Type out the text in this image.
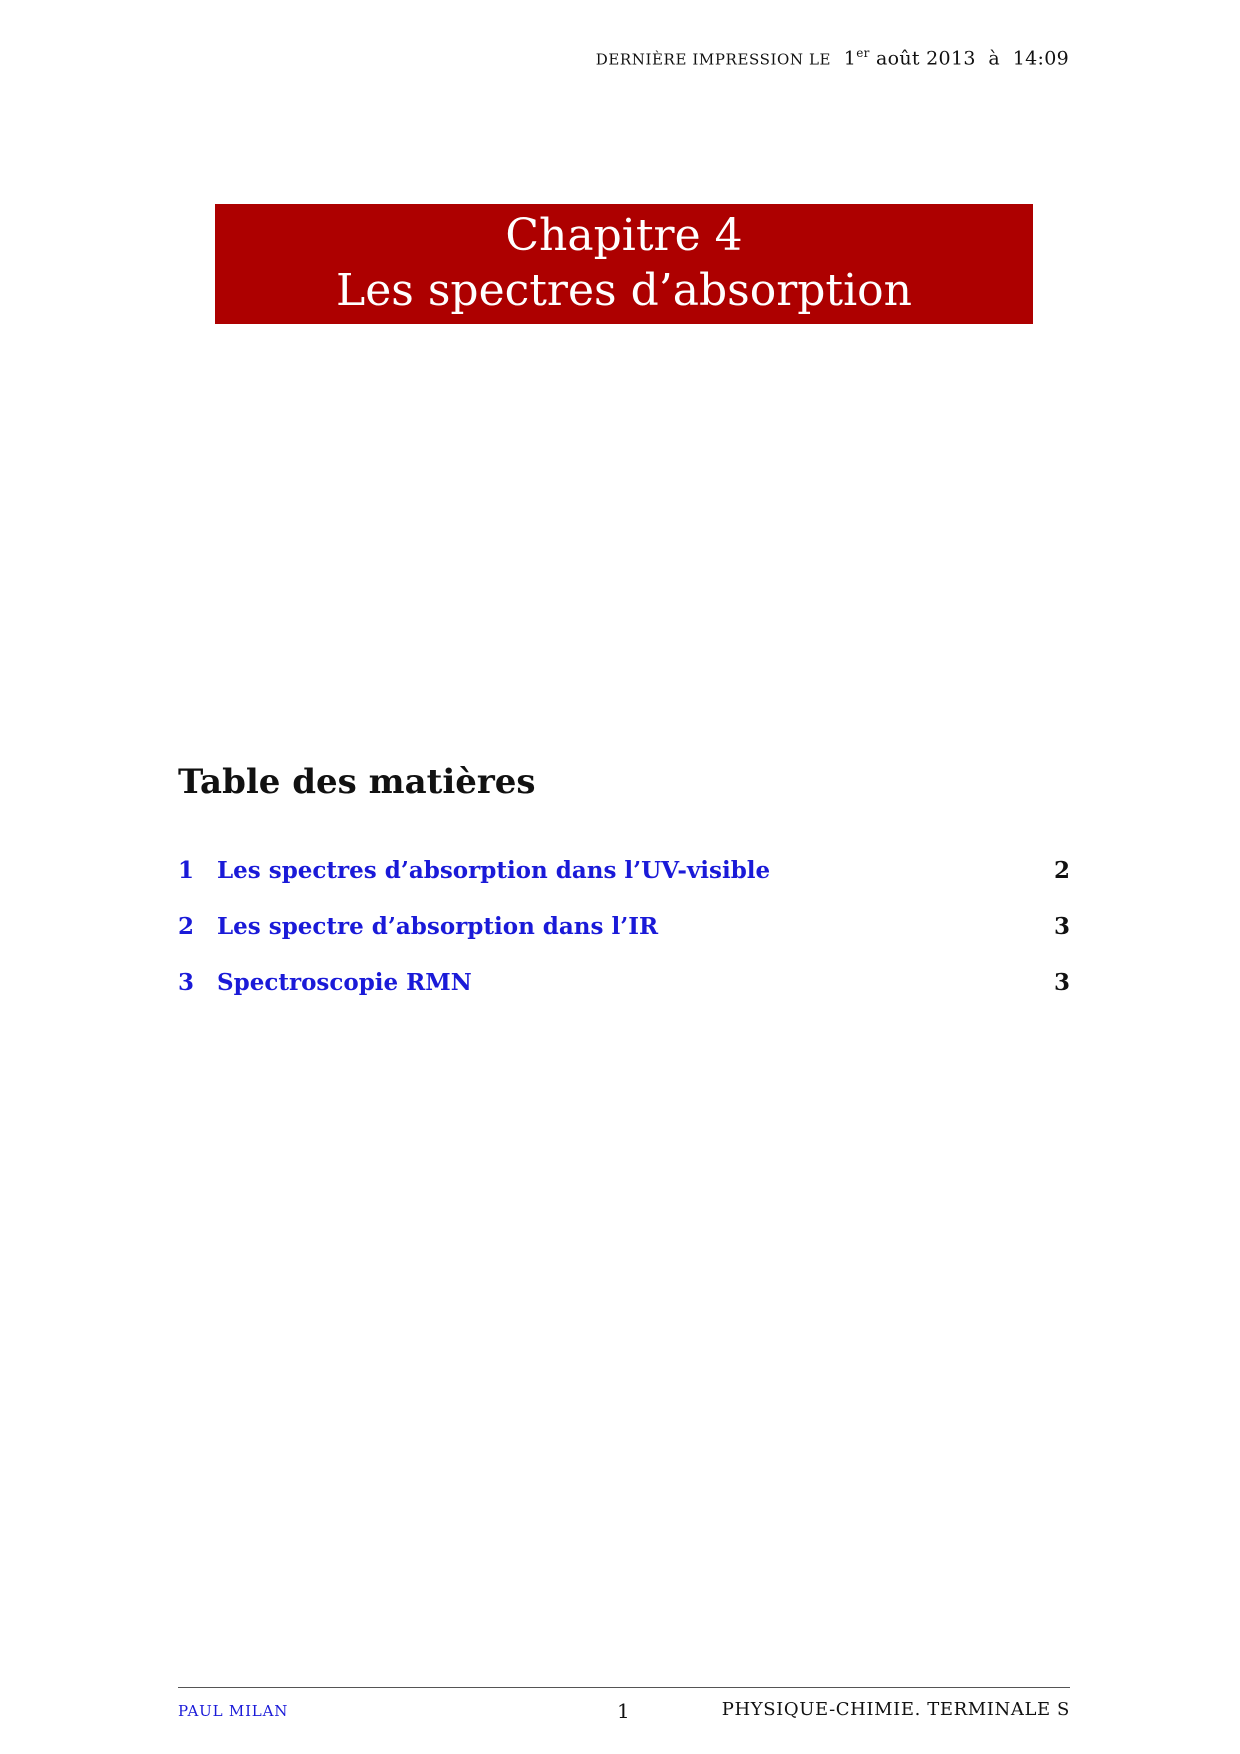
DERNIÈRE IMPRESSION LE 1er août 2013 à 14:09
Chapitre 4
Les spectres d’absorption
Table des matières
1 Les spectres d’absorption dans l’UV-visible	2
2 Les spectre d’absorption dans l’IR	3
3 Spectroscopie RMN	3
PAUL MILAN	1	PHYSIQUE-CHIMIE. TERMINALE S
